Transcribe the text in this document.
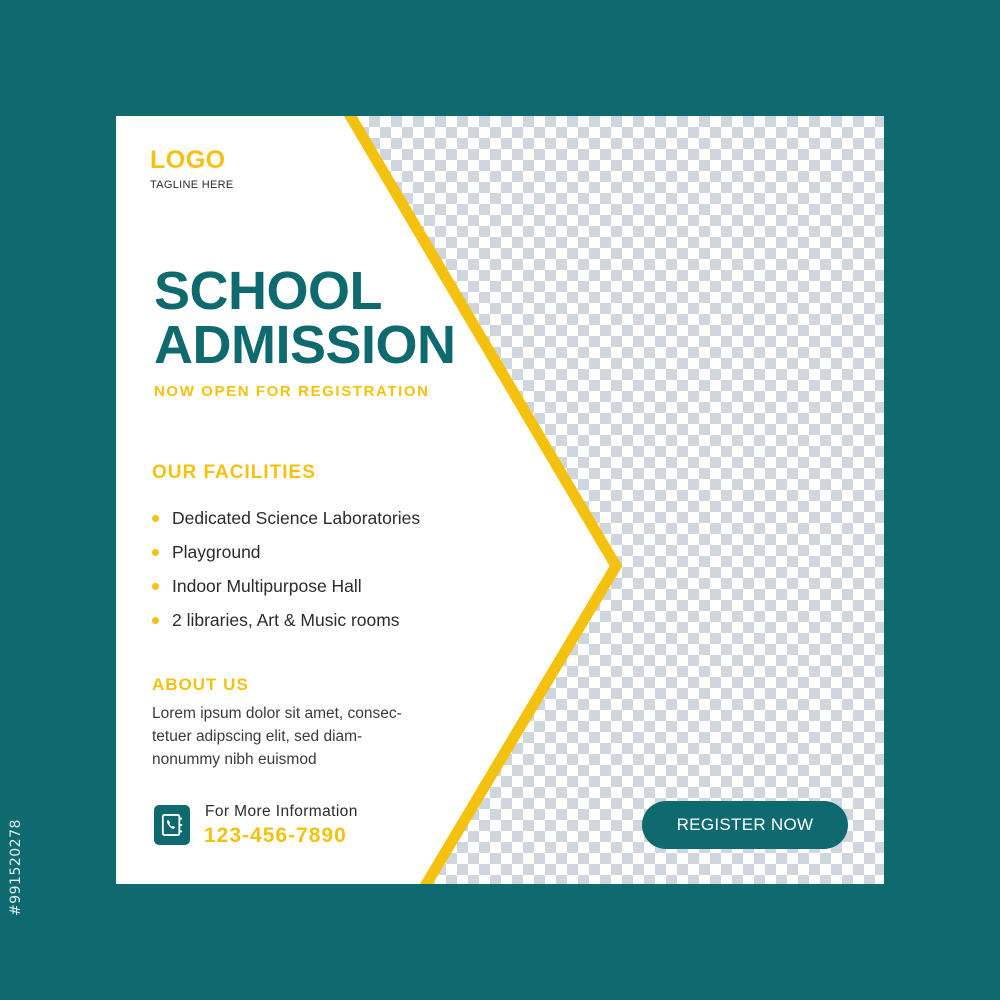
#991520278
LOGO
TAGLINE HERE
SCHOOL
ADMISSION
NOW OPEN FOR REGISTRATION
OUR FACILITIES
Dedicated Science Laboratories
Playground
Indoor Multipurpose Hall
2 libraries, Art & Music rooms
ABOUT US
Lorem ipsum dolor sit amet, consec-
tetuer adipscing elit, sed diam-
nonummy nibh euismod
For More Information
123-456-7890	REGISTER NOW
